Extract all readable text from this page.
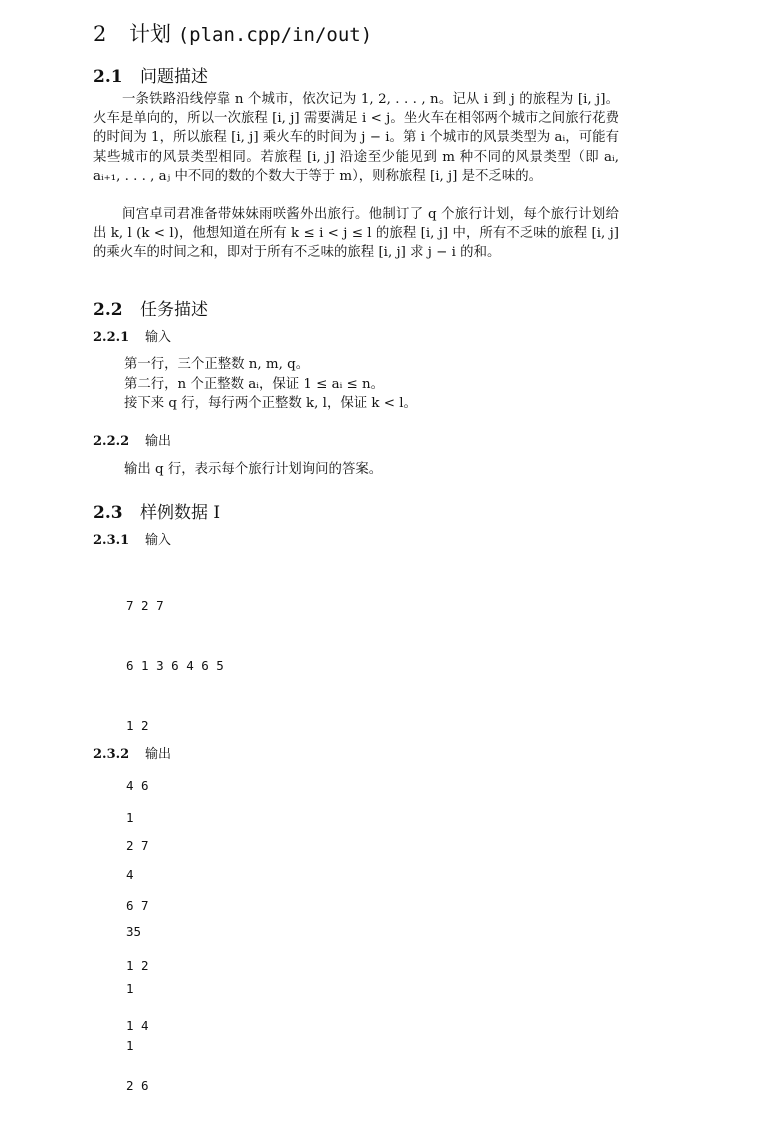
2 计划 (plan.cpp/in/out)
2.1 问题描述

一条铁路沿线停靠 n 个城市，依次记为 1, 2, . . . , n。记从 i 到 j 的旅程为 [i, j]。火车是单向的，所以一次旅程 [i, j] 需要满足 i < j。坐火车在相邻两个城市之间旅行花费的时间为 1，所以旅程 [i, j] 乘火车的时间为 j − i。第 i 个城市的风景类型为 aᵢ，可能有某些城市的风景类型相同。若旅程 [i, j] 沿途至少能见到 m 种不同的风景类型（即 aᵢ, aᵢ₊₁, . . . , aⱼ 中不同的数的个数大于等于 m），则称旅程 [i, j] 是不乏味的。

间宫卓司君准备带妹妹雨咲酱外出旅行。他制订了 q 个旅行计划，每个旅行计划给出 k, l (k < l)，他想知道在所有 k ≤ i < j ≤ l 的旅程 [i, j] 中，所有不乏味的旅程 [i, j] 的乘火车的时间之和，即对于所有不乏味的旅程 [i, j] 求 j − i 的和。

2.2 任务描述
2.2.1 输入
第一行，三个正整数 n, m, q。
第二行，n 个正整数 aᵢ，保证 1 ≤ aᵢ ≤ n。
接下来 q 行，每行两个正整数 k, l，保证 k < l。
2.2.2 输出
输出 q 行，表示每个旅行计划询问的答案。
2.3 样例数据 I
2.3.1 输入

7 2 7

6 1 3 6 4 6 5

1 2

4 6

2 7

6 7

1 2

1 4

2 6

2.3.2 输出

1

4

35

1

1
